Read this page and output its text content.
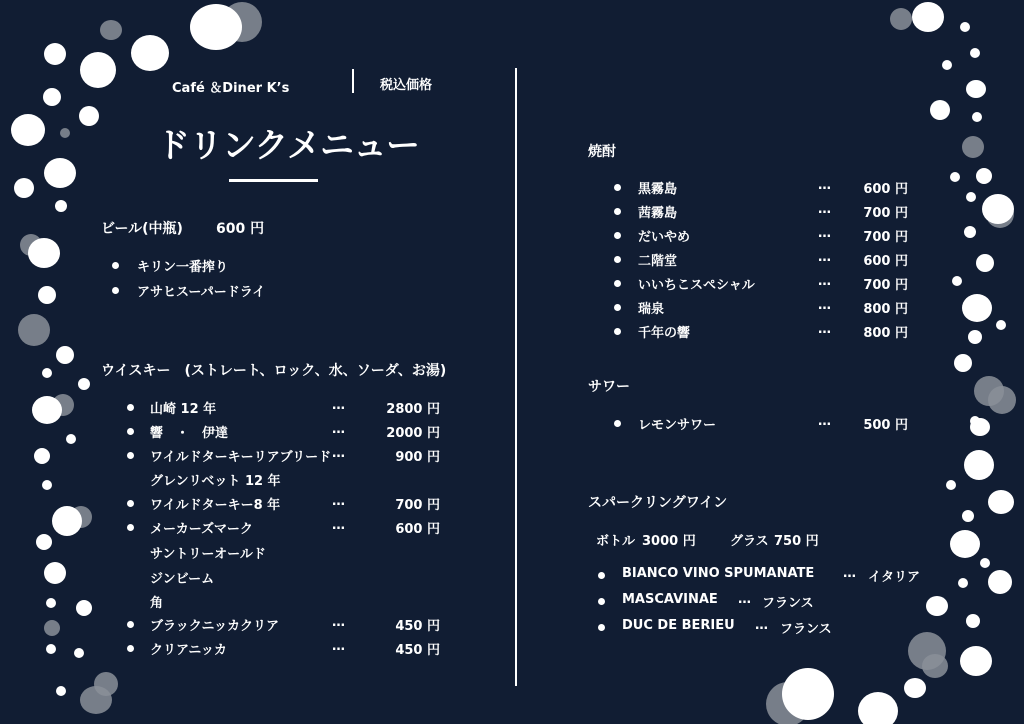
Café ＆Diner K’s	税込価格
ドリンクメニュー
ビール(中瓶) 600 円
キリン一番搾り
アサヒスーパードライ
ウイスキー　(ストレート、ロック、水、ソーダ、お湯)
山崎 12 年	…	2800 円
響　・　伊達	…	2000 円
ワイルドターキーリアブリード …	900 円
グレンリベット 12 年
ワイルドターキー8 年	…	700 円
メーカーズマーク	…	600 円
サントリーオールド
ジンビーム
角
ブラックニッカクリア	…	450 円
クリアニッカ	…	450 円
焼酎
黒霧島	…	600 円
茜霧島	…	700 円
だいやめ	…	700 円
二階堂	…	600 円
いいちこスペシャル	…	700 円
瑞泉	…	800 円
千年の響	…	800 円
サワー
レモンサワー	…	500 円
スパークリングワイン
ボトル 3000 円	グラス 750 円
BIANCO VINO SPUMANATE … イタリア
MASCAVINAE … フランス
DUC DE BERIEU … フランス
